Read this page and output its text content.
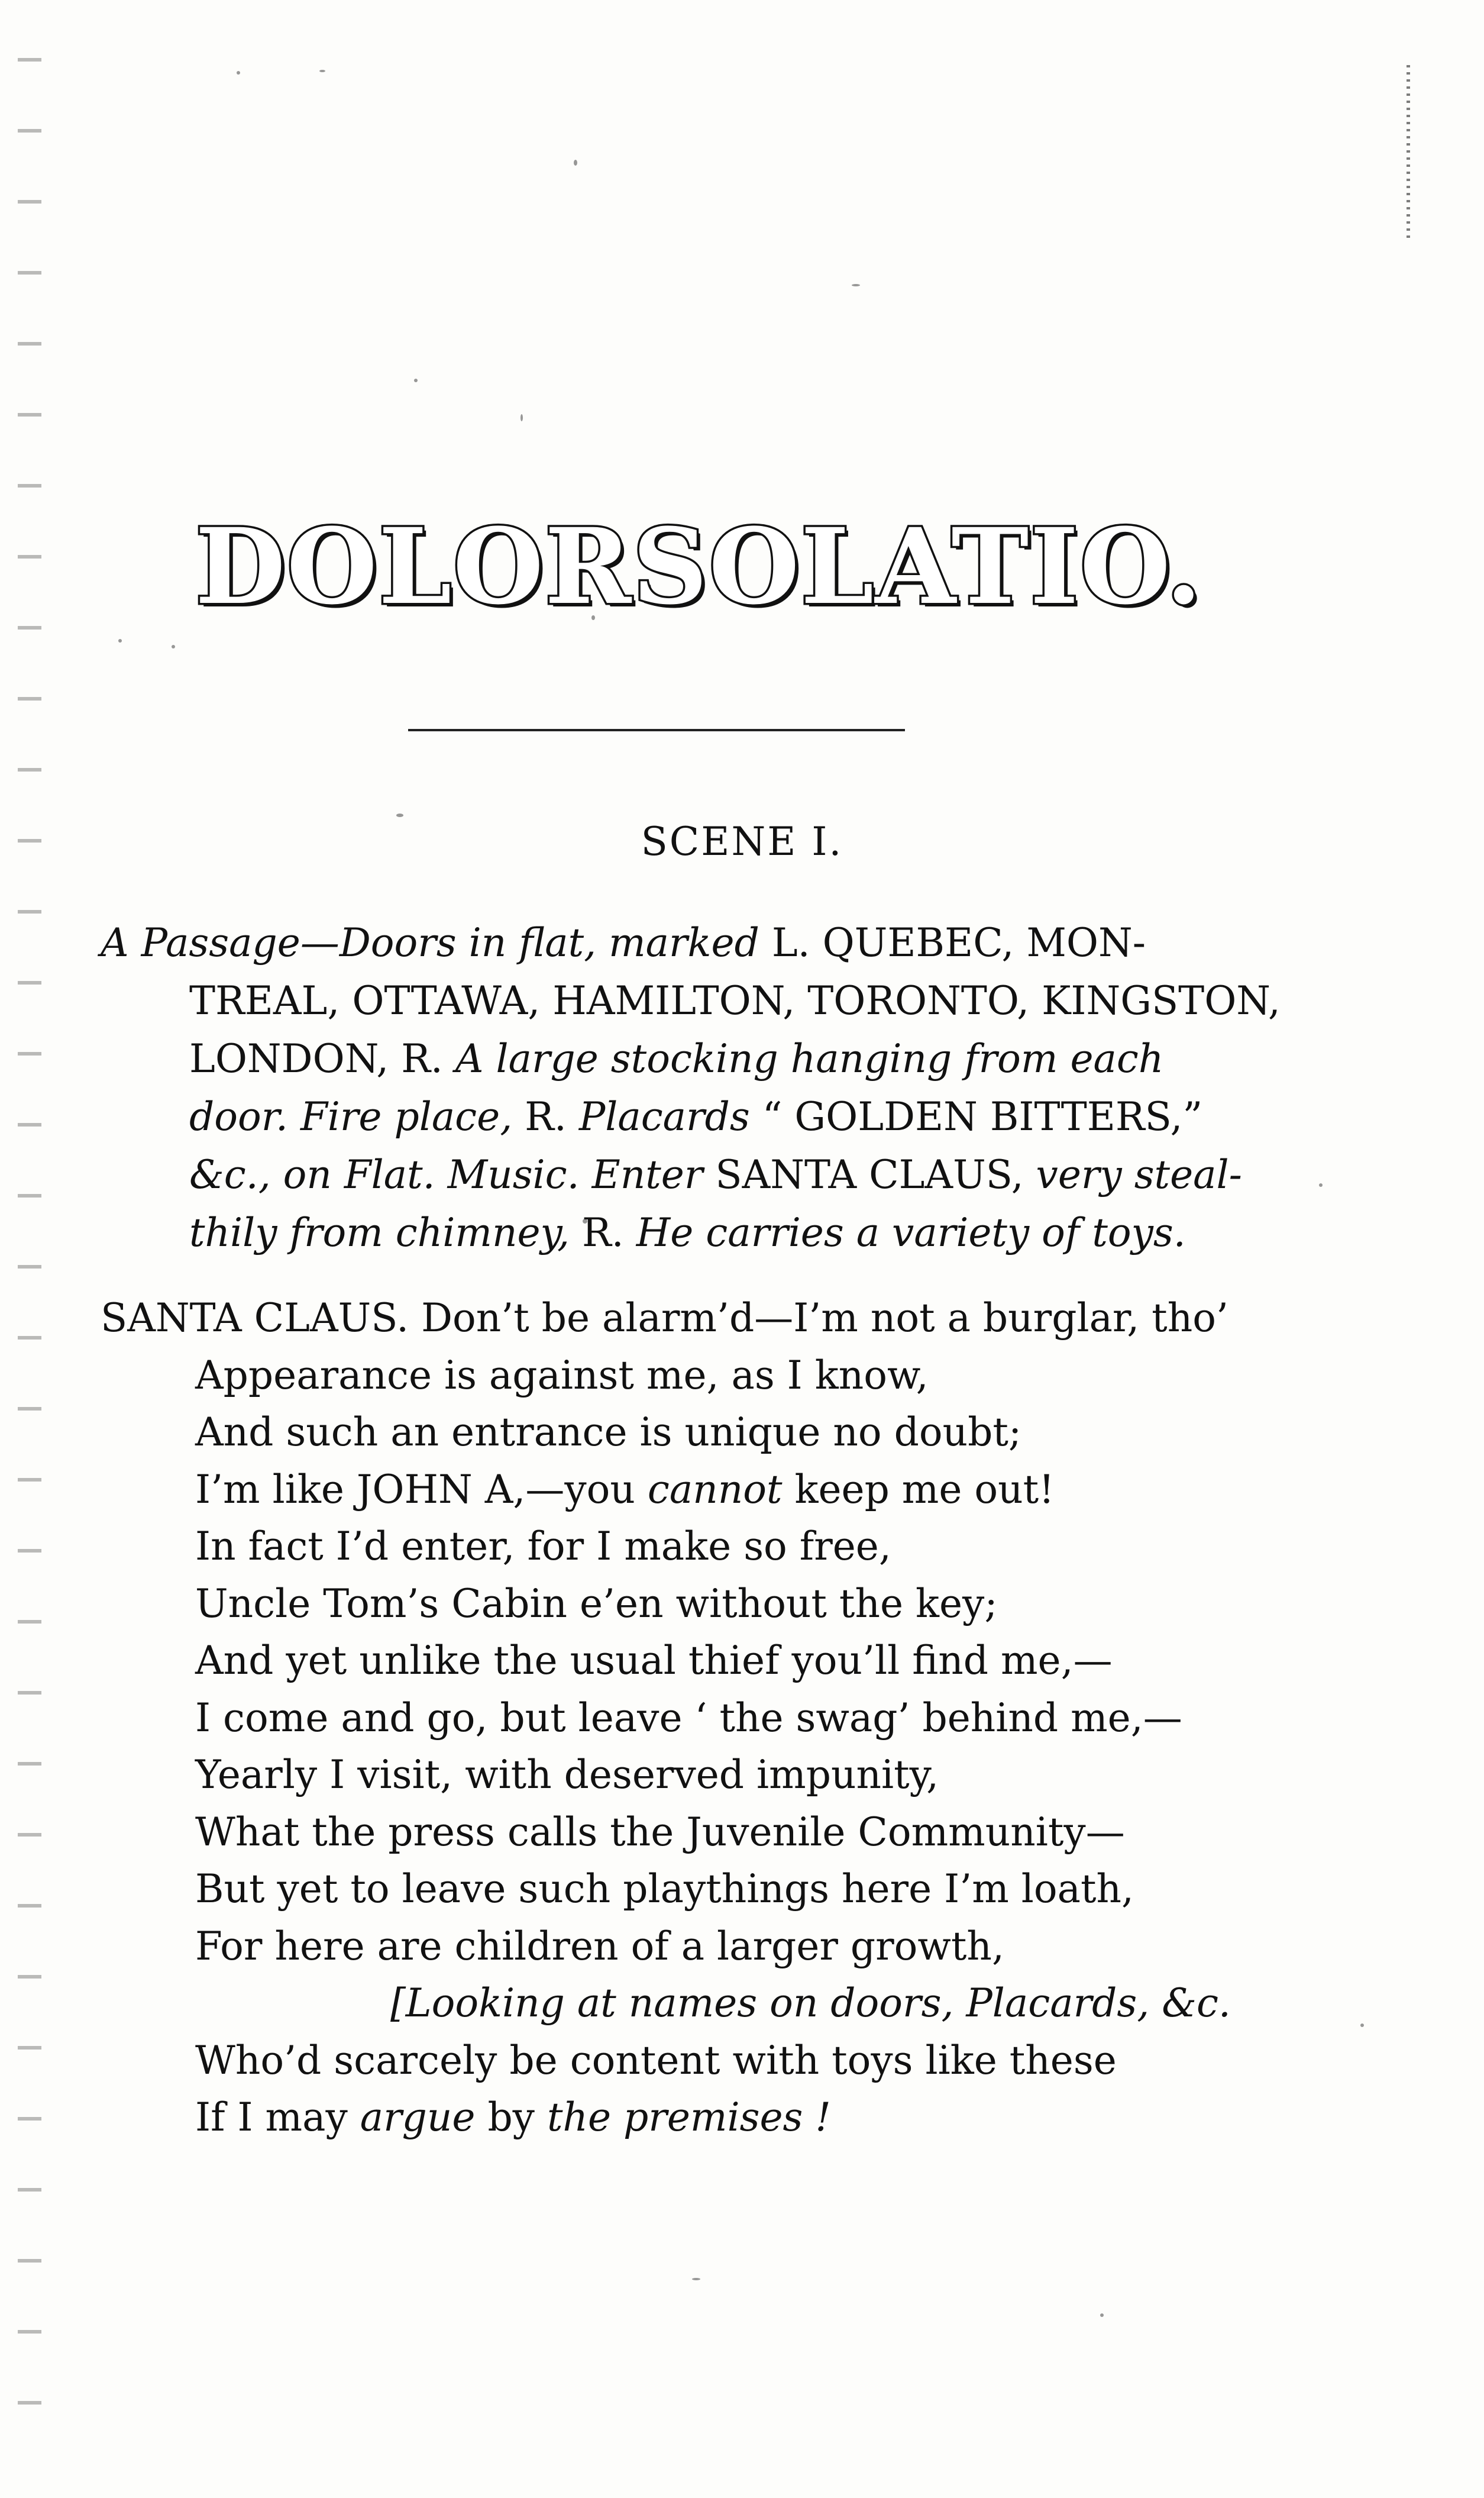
DOLORSOLATIO.
SCENE I.
A Passage—Doors in flat, marked L. QUEBEC, MON-
TREAL, OTTAWA, HAMILTON, TORONTO, KINGSTON,
LONDON, R. A large stocking hanging from each
door. Fire place, R. Placards “ GOLDEN BITTERS,”
&c., on Flat. Music. Enter SANTA CLAUS, very steal-
thily from chimney, R. He carries a variety of toys.
SANTA CLAUS. Don’t be alarm’d—I’m not a burglar, tho’
Appearance is against me, as I know,
And such an entrance is unique no doubt;
I’m like JOHN A,—you cannot keep me out!
In fact I’d enter, for I make so free,
Uncle Tom’s Cabin e’en without the key;
And yet unlike the usual thief you’ll find me,—
I come and go, but leave ‘ the swag’ behind me,—
Yearly I visit, with deserved impunity,
What the press calls the Juvenile Community—
But yet to leave such playthings here I’m loath,
For here are children of a larger growth,
[Looking at names on doors, Placards, &c.
Who’d scarcely be content with toys like these
If I may argue by the premises !
